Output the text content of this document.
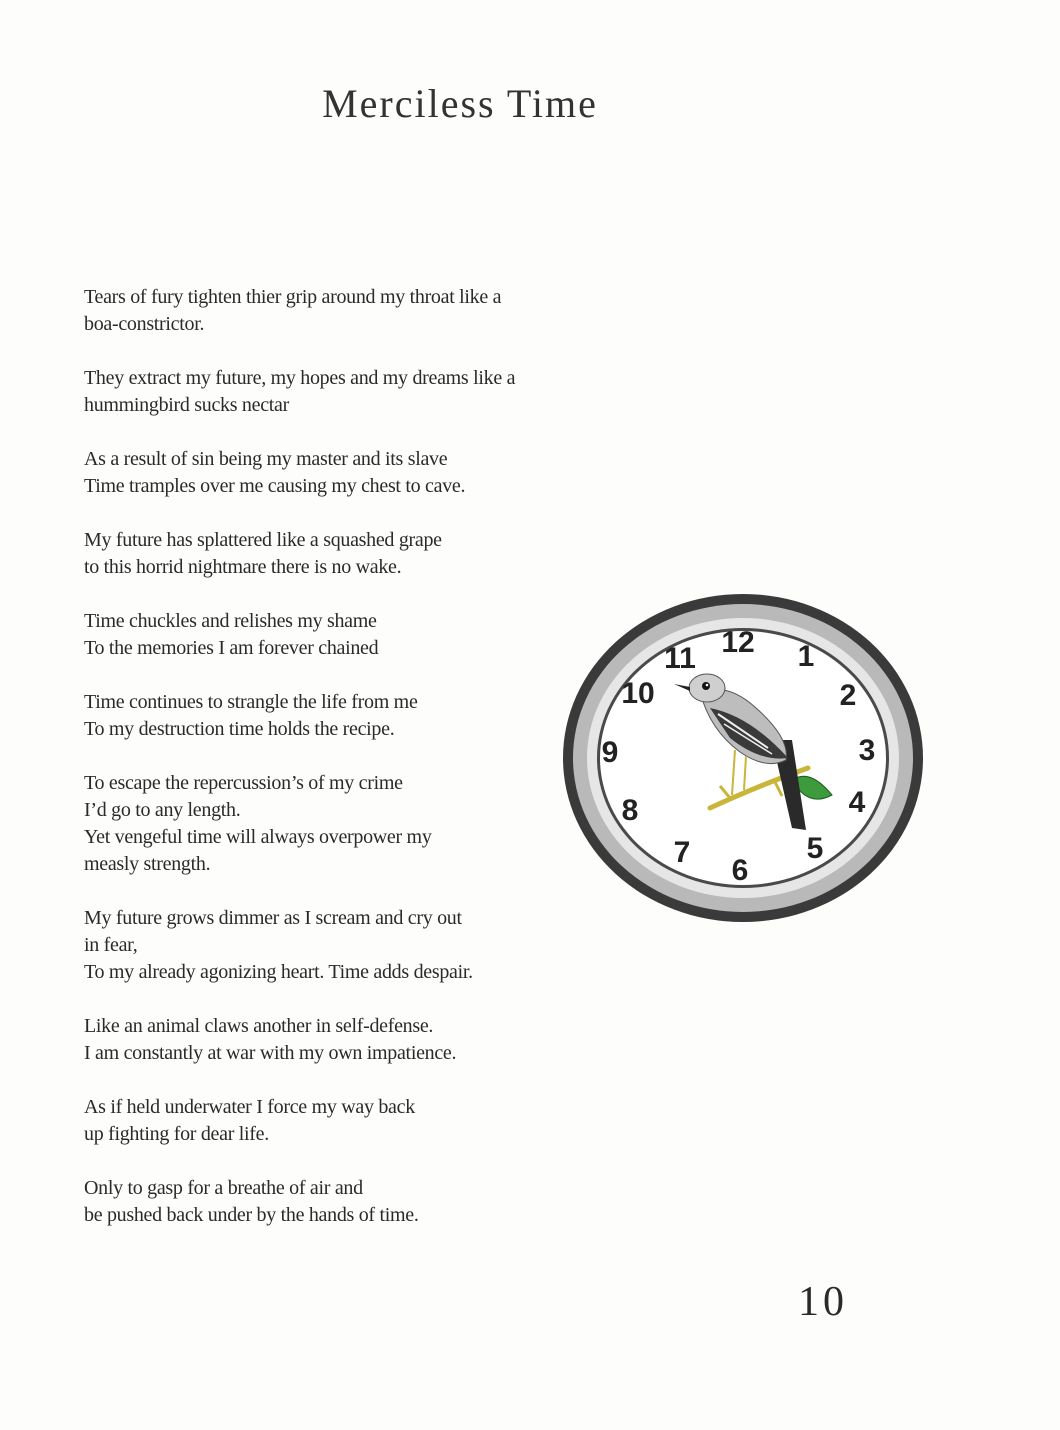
Merciless Time
Tears of fury tighten thier grip around my throat like a
boa-constrictor.
They extract my future, my hopes and my dreams like a
hummingbird sucks nectar
As a result of sin being my master and its slave
Time tramples over me causing my chest to cave.
My future has splattered like a squashed grape
to this horrid nightmare there is no wake.
Time chuckles and relishes my shame
To the memories I am forever chained
Time continues to strangle the life from me
To my destruction time holds the recipe.
To escape the repercussion’s of my crime
I’d go to any length.
Yet vengeful time will always overpower my
measly strength.
My future grows dimmer as I scream and cry out
in fear,
To my already agonizing heart. Time adds despair.
Like an animal claws another in self-defense.
I am constantly at war with my own impatience.
As if held underwater I force my way back
up fighting for dear life.
Only to gasp for a breathe of air and
be pushed back under by the hands of time.
12 1
2
3
4
5
6
7
8
9
10
11
10
